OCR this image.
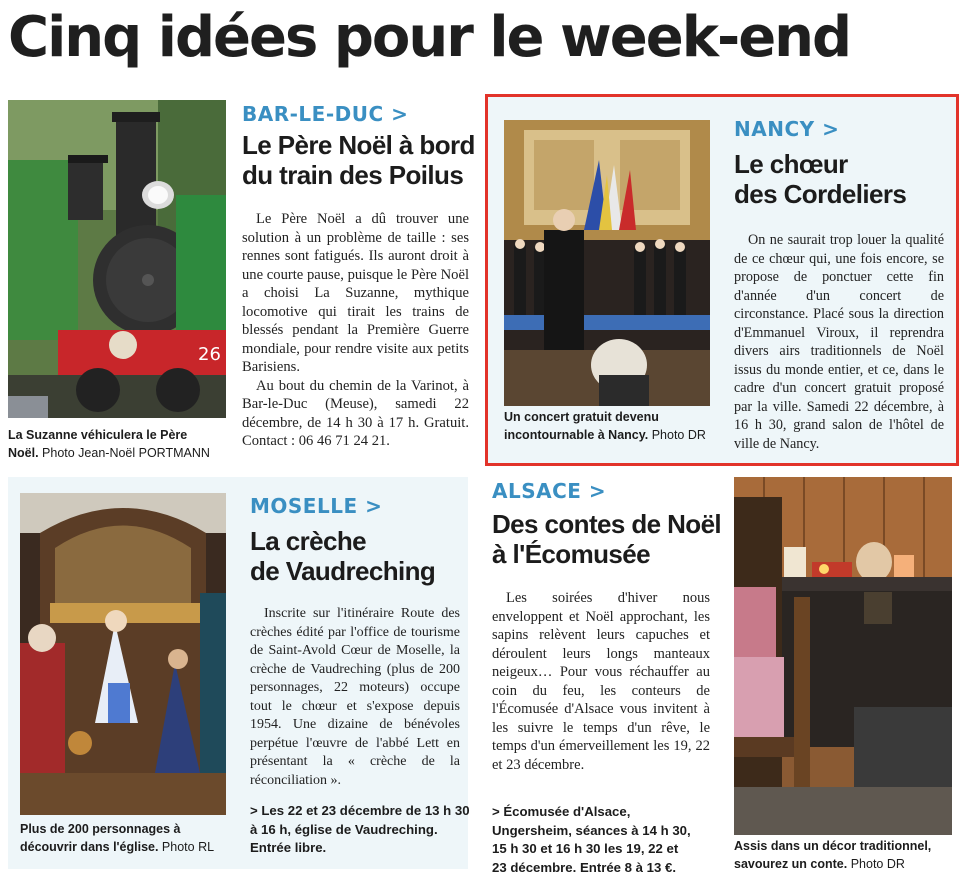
Cinq idées pour le week-end
26
La Suzanne véhiculera le Père
Noël. Photo Jean-Noël PORTMANN
BAR-LE-DUC >
Le Père Noël à bord
du train des Poilus

Le Père Noël a dû trouver une solution à un problème de taille : ses rennes sont fatigués. Ils auront droit à une courte pause, puisque le Père Noël a choisi La Suzanne, mythique locomotive qui tirait les trains de blessés pendant la Première Guerre mondiale, pour rendre visite aux petits Barisiens.

Au bout du chemin de la Varinot, à Bar-le-Duc (Meuse), samedi 22 décembre, de 14 h 30 à 17 h. Gratuit. Contact : 06 46 71 24 21.

Un concert gratuit devenu
incontournable à Nancy. Photo DR
NANCY >
Le chœur
des Cordeliers

On ne saurait trop louer la qualité de ce chœur qui, une fois encore, se propose de ponctuer cette fin d'année d'un concert de circonstance. Placé sous la direction d'Emmanuel Viroux, il reprendra divers airs traditionnels de Noël issus du monde entier, et ce, dans le cadre d'un concert gratuit proposé par la ville. Samedi 22 décembre, à 16 h 30, grand salon de l'hôtel de ville de Nancy.

Plus de 200 personnages à
découvrir dans l'église. Photo RL
MOSELLE >
La crèche
de Vaudreching

Inscrite sur l'itinéraire Route des crèches édité par l'office de tourisme de Saint-Avold Cœur de Moselle, la crèche de Vaudreching (plus de 200 personnages, 22 moteurs) occupe tout le chœur et s'expose depuis 1954. Une dizaine de bénévoles perpétue l'œuvre de l'abbé Lett en présentant la « crèche de la réconciliation ».

> Les 22 et 23 décembre de 13 h 30
à 16 h, église de Vaudreching.
Entrée libre.
ALSACE >
Des contes de Noël
à l'Écomusée

Les soirées d'hiver nous enveloppent et Noël approchant, les sapins relèvent leurs capuches et déroulent leurs longs manteaux neigeux… Pour vous réchauffer au coin du feu, les conteurs de l'Écomusée d'Alsace vous invitent à les suivre le temps d'un rêve, le temps d'un émerveillement les 19, 22 et 23 décembre.

> Écomusée d'Alsace,
Ungersheim, séances à 14 h 30,
15 h 30 et 16 h 30 les 19, 22 et
23 décembre. Entrée 8 à 13 €.
Assis dans un décor traditionnel,
savourez un conte. Photo DR
